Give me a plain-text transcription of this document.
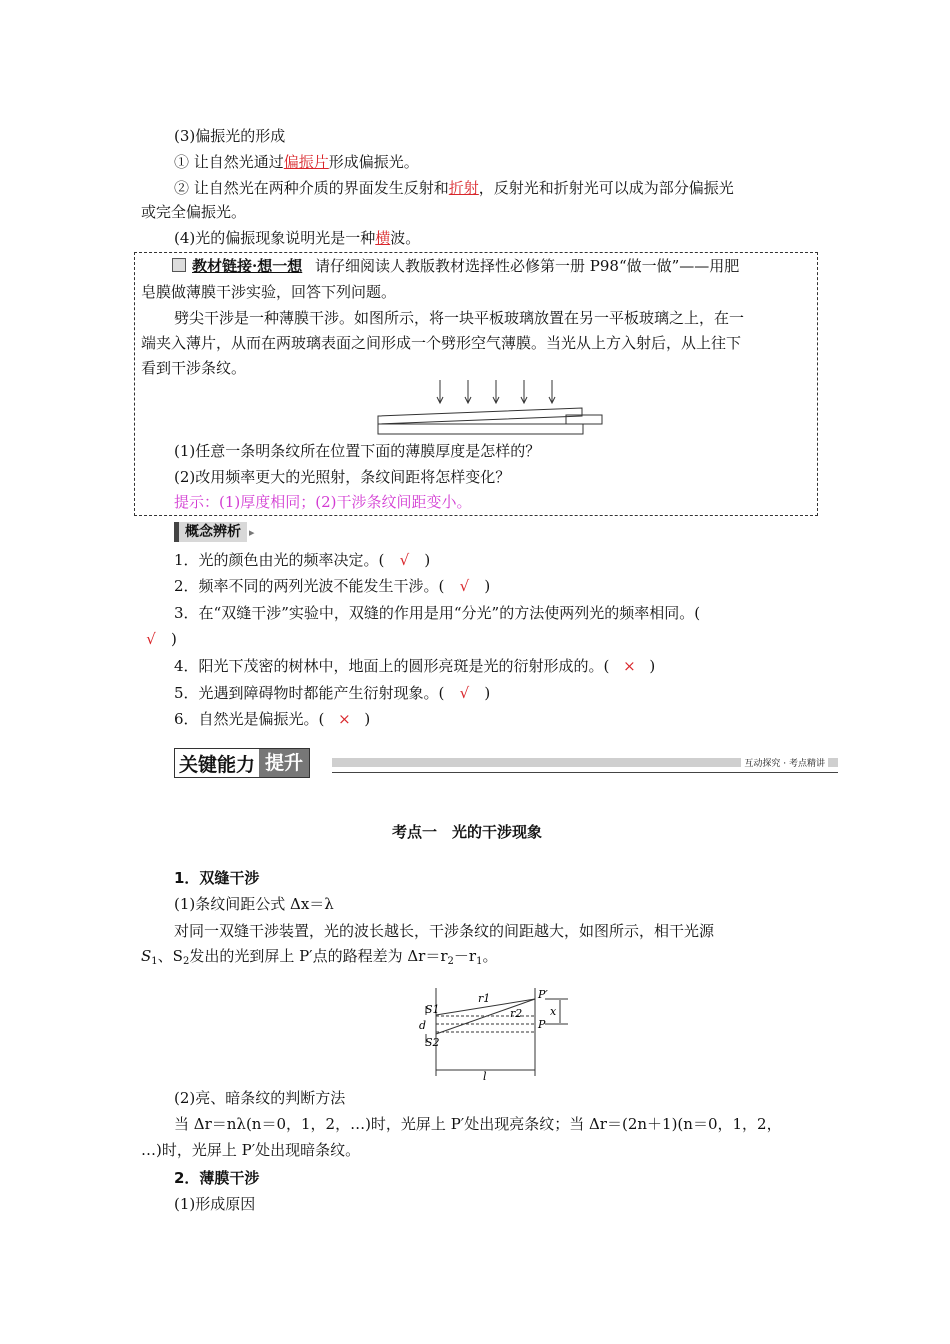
(3)偏振光的形成
① 让自然光通过偏振片形成偏振光。
② 让自然光在两种介质的界面发生反射和折射，反射光和折射光可以成为部分偏振光
或完全偏振光。
(4)光的偏振现象说明光是一种横波。
教材链接·想一想 请仔细阅读人教版教材选择性必修第一册 P98“做一做”——用肥
皂膜做薄膜干涉实验，回答下列问题。
劈尖干涉是一种薄膜干涉。如图所示，将一块平板玻璃放置在另一平板玻璃之上，在一
端夹入薄片，从而在两玻璃表面之间形成一个劈形空气薄膜。当光从上方入射后，从上往下
看到干涉条纹。
(1)任意一条明条纹所在位置下面的薄膜厚度是怎样的？
(2)改用频率更大的光照射，条纹间距将怎样变化？
提示：(1)厚度相同；(2)干涉条纹间距变小。
概念辨析 ▸
1．光的颜色由光的频率决定。( √ )
2．频率不同的两列光波不能发生干涉。( √ )
3．在“双缝干涉”实验中，双缝的作用是用“分光”的方法使两列光的频率相同。(
√ )
4．阳光下茂密的树林中，地面上的圆形亮斑是光的衍射形成的。( × )
5．光遇到障碍物时都能产生衍射现象。( √ )
6．自然光是偏振光。( × )
关键能力 提升	互动探究 · 考点精讲
考点一　光的干涉现象
1．双缝干涉
(1)条纹间距公式 Δx＝λ
对同一双缝干涉装置，光的波长越长，干涉条纹的间距越大，如图所示，相干光源
$S_1$、$S_2$发出的光到屏上 P′点的路程差为 $\Delta r=r_2-r_1$。
S1
d
S2
r1
r2
P′
P
x
l
(2)亮、暗条纹的判断方法
当 Δr＝nλ(n＝0，1，2，…)时，光屏上 P′处出现亮条纹；当 Δr＝(2n＋1)(n＝0，1，2，
…)时，光屏上 P′处出现暗条纹。
2．薄膜干涉
(1)形成原因
